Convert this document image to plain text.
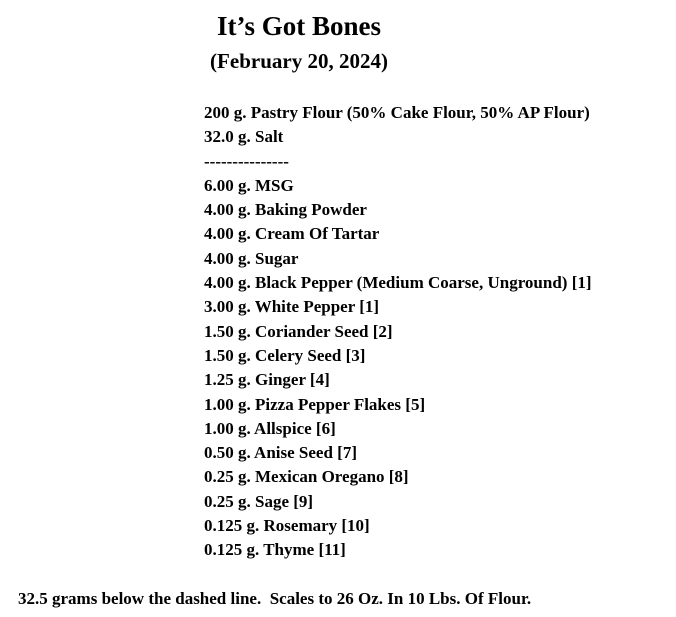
It’s Got Bones
(February 20, 2024)
200 g. Pastry Flour (50% Cake Flour, 50% AP Flour)
32.0 g. Salt
---------------
6.00 g. MSG
4.00 g. Baking Powder
4.00 g. Cream Of Tartar
4.00 g. Sugar
4.00 g. Black Pepper (Medium Coarse, Unground) [1]
3.00 g. White Pepper [1]
1.50 g. Coriander Seed [2]
1.50 g. Celery Seed [3]
1.25 g. Ginger [4]
1.00 g. Pizza Pepper Flakes [5]
1.00 g. Allspice [6]
0.50 g. Anise Seed [7]
0.25 g. Mexican Oregano [8]
0.25 g. Sage [9]
0.125 g. Rosemary [10]
0.125 g. Thyme [11]

32.5 grams below the dashed line.  Scales to 26 Oz. In 10 Lbs. Of Flour.
